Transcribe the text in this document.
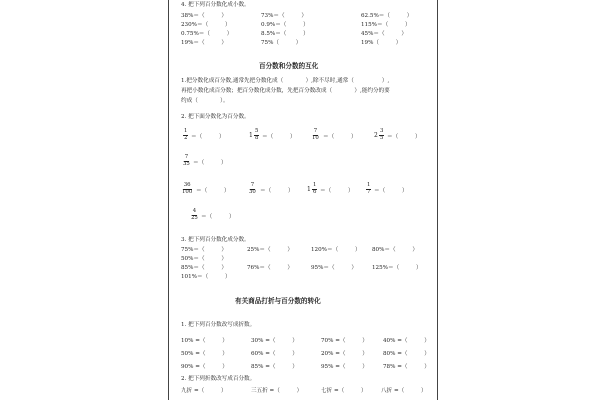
4. 把下列百分数化成小数。
38%＝（　　　）	73%＝（　　　）	62.5%＝（　　　）
230%＝（　　　）	0.9%＝（　　　）	115%＝（　　　）
0.75%＝（　　　）	8.5%＝（　　　）	45%＝（　　　）
19%＝（　　　）	75%（　　　）	19%（　　　）
百分数和分数的互化
1.把分数化成百分数,通常先把分数化成（　　　　）,除不尽时,通常（　　　　　）,
再把小数化成百分数；把百分数化成分数，先把百分数改成（　　　　）,能约分的要
约成（　　　　）。
2. 把下面分数化为百分数。
$\frac{1}{2}$ ＝（　　　）	$1 \frac{5}{8}$ ＝（　　　）	$\frac{7}{10}$ ＝（　　　）	$2 \frac{3}{5}$ ＝（　　　）
$\frac{7}{35}$ ＝（　　　）
$\frac{36}{100}$ ＝（　　　）	$\frac{7}{30}$ ＝（　　　） $1 \frac{1}{6}$ ＝（　　　） $\frac{1}{7}$ ＝（　　　）
$\frac{4}{25}$ ＝（　　　）
3. 把下列百分数化成分数。
75%＝（　　　）	25%＝（　　　）	120%＝（　　　） 80%＝（　　　）
50%＝（　　　）
85%＝（　　　）	76%＝（　　　）	95%＝（　　　）	125%＝（　　　）
101%＝（　　　）
有关商品打折与百分数的转化
1. 把下列百分数改写成折数。
10% =（　　　）	30% =（　　　）	70% =（　　　）	40% =（　　　）
50% =（　　　）	60% =（　　　）	20% =（　　　）	80% =（　　　）
90% =（　　　）	85% =（　　　）	95% =（　　　）	78% =（　　　）
2. 把下列折数改写成百分数。
九折 =（　　　）	三五折 =（　　　）	七折 =（　　　）	八折 =（　　　）
